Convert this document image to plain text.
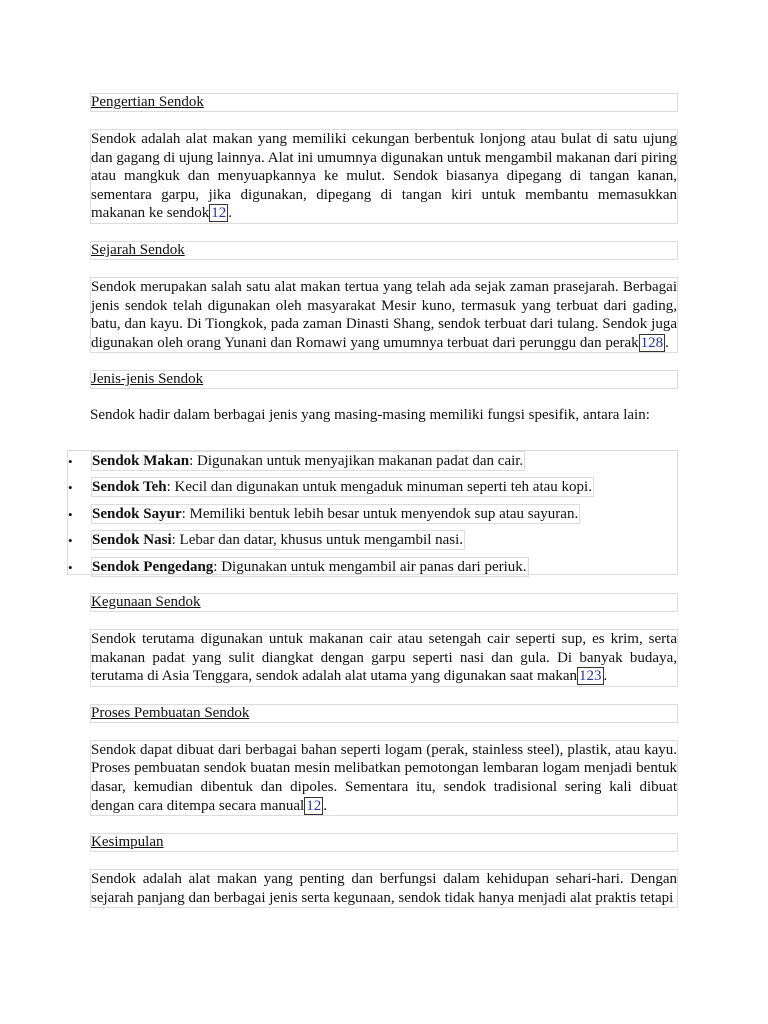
Pengertian Sendok
Sendok adalah alat makan yang memiliki cekungan berbentuk lonjong atau bulat di satu ujung dan gagang di ujung lainnya. Alat ini umumnya digunakan untuk mengambil makanan dari piring atau mangkuk dan menyuapkannya ke mulut. Sendok biasanya dipegang di tangan kanan, sementara garpu, jika digunakan, dipegang di tangan kiri untuk membantu memasukkan makanan ke sendok 12 .
Sejarah Sendok
Sendok merupakan salah satu alat makan tertua yang telah ada sejak zaman prasejarah. Berbagai jenis sendok telah digunakan oleh masyarakat Mesir kuno, termasuk yang terbuat dari gading, batu, dan kayu. Di Tiongkok, pada zaman Dinasti Shang, sendok terbuat dari tulang. Sendok juga digunakan oleh orang Yunani dan Romawi yang umumnya terbuat dari perunggu dan perak 128 .
Jenis-jenis Sendok
Sendok hadir dalam berbagai jenis yang masing-masing memiliki fungsi spesifik, antara lain:
• Sendok Makan: Digunakan untuk menyajikan makanan padat dan cair.
• Sendok Teh: Kecil dan digunakan untuk mengaduk minuman seperti teh atau kopi.
• Sendok Sayur: Memiliki bentuk lebih besar untuk menyendok sup atau sayuran.
• Sendok Nasi: Lebar dan datar, khusus untuk mengambil nasi.
• Sendok Pengedang: Digunakan untuk mengambil air panas dari periuk.
Kegunaan Sendok
Sendok terutama digunakan untuk makanan cair atau setengah cair seperti sup, es krim, serta makanan padat yang sulit diangkat dengan garpu seperti nasi dan gula. Di banyak budaya, terutama di Asia Tenggara, sendok adalah alat utama yang digunakan saat makan 123 .
Proses Pembuatan Sendok
Sendok dapat dibuat dari berbagai bahan seperti logam (perak, stainless steel), plastik, atau kayu. Proses pembuatan sendok buatan mesin melibatkan pemotongan lembaran logam menjadi bentuk dasar, kemudian dibentuk dan dipoles. Sementara itu, sendok tradisional sering kali dibuat dengan cara ditempa secara manual 12 .
Kesimpulan
Sendok adalah alat makan yang penting dan berfungsi dalam kehidupan sehari-hari. Dengan sejarah panjang dan berbagai jenis serta kegunaan, sendok tidak hanya menjadi alat praktis tetapi
